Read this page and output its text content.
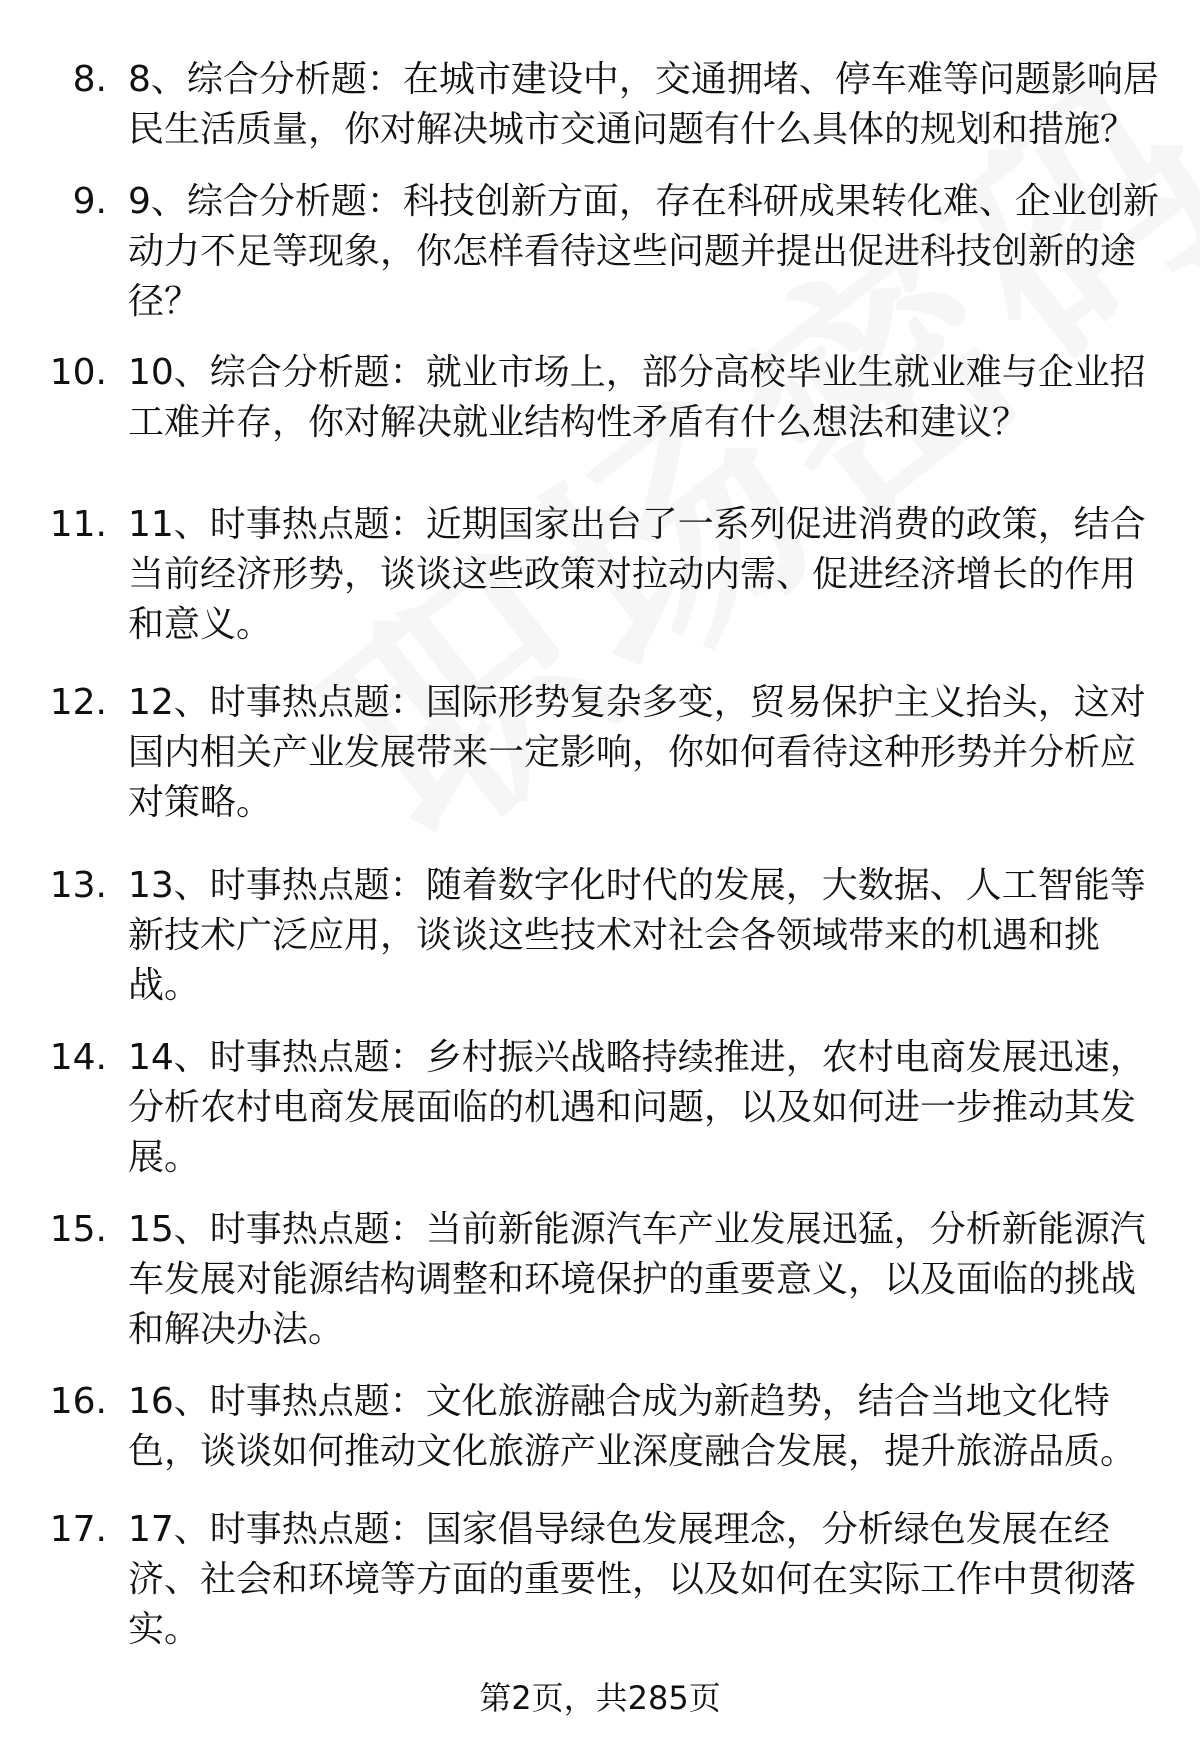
8. 8、综合分析题：在城市建设中，交通拥堵、停车难等问题影响居民生活质量，你对解决城市交通问题有什么具体的规划和措施？
9. 9、综合分析题：科技创新方面，存在科研成果转化难、企业创新动力不足等现象，你怎样看待这些问题并提出促进科技创新的途径？
10. 10、综合分析题：就业市场上，部分高校毕业生就业难与企业招工难并存，你对解决就业结构性矛盾有什么想法和建议？
11. 11、时事热点题：近期国家出台了一系列促进消费的政策，结合当前经济形势，谈谈这些政策对拉动内需、促进经济增长的作用和意义。
12. 12、时事热点题：国际形势复杂多变，贸易保护主义抬头，这对国内相关产业发展带来一定影响，你如何看待这种形势并分析应对策略。
13. 13、时事热点题：随着数字化时代的发展，大数据、人工智能等新技术广泛应用，谈谈这些技术对社会各领域带来的机遇和挑战。
14. 14、时事热点题：乡村振兴战略持续推进，农村电商发展迅速，分析农村电商发展面临的机遇和问题，以及如何进一步推动其发展。
15. 15、时事热点题：当前新能源汽车产业发展迅猛，分析新能源汽车发展对能源结构调整和环境保护的重要意义，以及面临的挑战和解决办法。
16. 16、时事热点题：文化旅游融合成为新趋势，结合当地文化特色，谈谈如何推动文化旅游产业深度融合发展，提升旅游品质。
17. 17、时事热点题：国家倡导绿色发展理念，分析绿色发展在经济、社会和环境等方面的重要性，以及如何在实际工作中贯彻落实。
第2页，共285页
